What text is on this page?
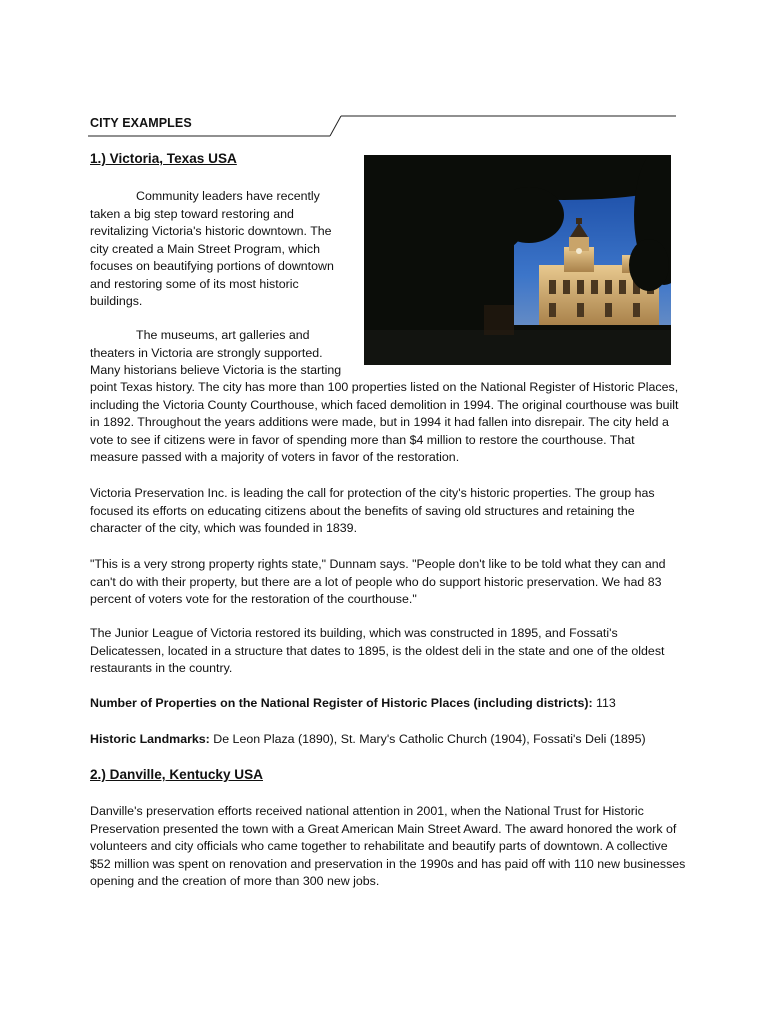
CITY EXAMPLES
1.) Victoria, Texas USA

Community leaders have recently taken a big step toward restoring and revitalizing Victoria's historic downtown. The city created a Main Street Program, which focuses on beautifying portions of downtown and restoring some of its most historic buildings.

The museums, art galleries and theaters in Victoria are strongly supported. Many historians believe Victoria is the starting

point Texas history. The city has more than 100 properties listed on the National Register of Historic Places, including the Victoria County Courthouse, which faced demolition in 1994. The original courthouse was built in 1892. Throughout the years additions were made, but in 1994 it had fallen into disrepair. The city held a vote to see if citizens were in favor of spending more than $4 million to restore the courthouse. That measure passed with a majority of voters in favor of the restoration.

Victoria Preservation Inc. is leading the call for protection of the city's historic properties. The group has focused its efforts on educating citizens about the benefits of saving old structures and retaining the character of the city, which was founded in 1839.

"This is a very strong property rights state," Dunnam says. "People don't like to be told what they can and can't do with their property, but there are a lot of people who do support historic preservation. We had 83 percent of voters vote for the restoration of the courthouse."

The Junior League of Victoria restored its building, which was constructed in 1895, and Fossati's Delicatessen, located in a structure that dates to 1895, is the oldest deli in the state and one of the oldest restaurants in the country.

Number of Properties on the National Register of Historic Places (including districts): 113

Historic Landmarks: De Leon Plaza (1890), St. Mary's Catholic Church (1904), Fossati's Deli (1895)

2.) Danville, Kentucky USA

Danville's preservation efforts received national attention in 2001, when the National Trust for Historic Preservation presented the town with a Great American Main Street Award. The award honored the work of volunteers and city officials who came together to rehabilitate and beautify parts of downtown. A collective $52 million was spent on renovation and preservation in the 1990s and has paid off with 110 new businesses opening and the creation of more than 300 new jobs.
